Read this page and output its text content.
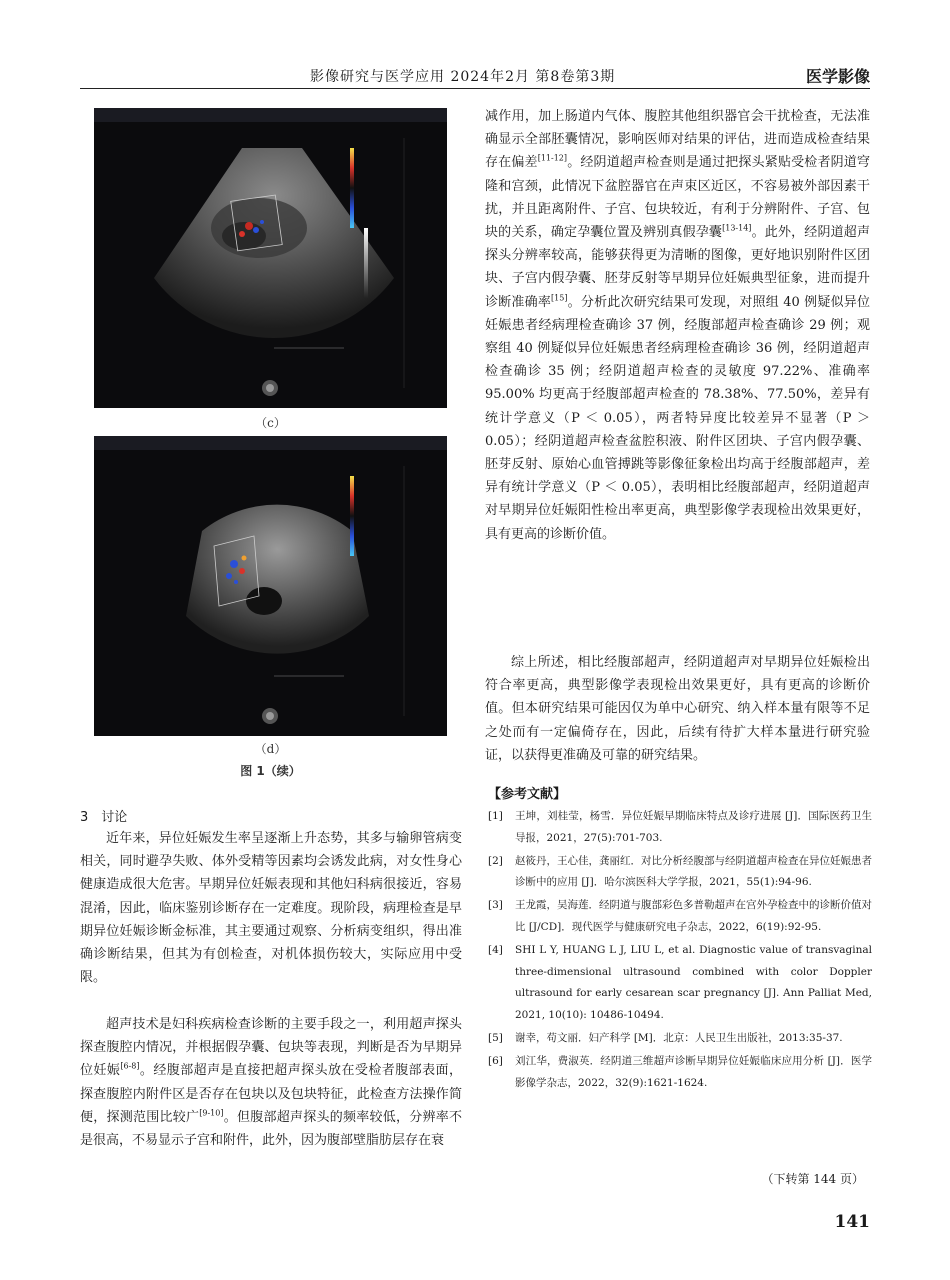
影像研究与医学应用 2024年2月 第8卷第3期	医学影像
（c）
（d）
图 1（续）
3　讨论
近年来，异位妊娠发生率呈逐渐上升态势，其多与输卵管病变相关，同时避孕失败、体外受精等因素均会诱发此病，对女性身心健康造成很大危害。早期异位妊娠表现和其他妇科病很接近，容易混淆，因此，临床鉴别诊断存在一定难度。现阶段，病理检查是早期异位妊娠诊断金标准，其主要通过观察、分析病变组织，得出准确诊断结果，但其为有创检查，对机体损伤较大，实际应用中受限。
超声技术是妇科疾病检查诊断的主要手段之一，利用超声探头探查腹腔内情况，并根据假孕囊、包块等表现，判断是否为早期异位妊娠[6-8]。经腹部超声是直接把超声探头放在受检者腹部表面，探查腹腔内附件区是否存在包块以及包块特征，此检查方法操作简便，探测范围比较广[9-10]。但腹部超声探头的频率较低，分辨率不是很高，不易显示子宫和附件，此外，因为腹部壁脂肪层存在衰
减作用，加上肠道内气体、腹腔其他组织器官会干扰检查，无法准确显示全部胚囊情况，影响医师对结果的评估，进而造成检查结果存在偏差[11-12]。经阴道超声检查则是通过把探头紧贴受检者阴道穹隆和宫颈，此情况下盆腔器官在声束区近区，不容易被外部因素干扰，并且距离附件、子宫、包块较近，有利于分辨附件、子宫、包块的关系，确定孕囊位置及辨别真假孕囊[13-14]。此外，经阴道超声探头分辨率较高，能够获得更为清晰的图像，更好地识别附件区团块、子宫内假孕囊、胚芽反射等早期异位妊娠典型征象，进而提升诊断准确率[15]。分析此次研究结果可发现，对照组 40 例疑似异位妊娠患者经病理检查确诊 37 例，经腹部超声检查确诊 29 例；观察组 40 例疑似异位妊娠患者经病理检查确诊 36 例，经阴道超声检查确诊 35 例；经阴道超声检查的灵敏度 97.22%、准确率 95.00% 均更高于经腹部超声检查的 78.38%、77.50%，差异有统计学意义（P ＜ 0.05），两者特异度比较差异不显著（P ＞ 0.05）；经阴道超声检查盆腔积液、附件区团块、子宫内假孕囊、胚芽反射、原始心血管搏跳等影像征象检出均高于经腹部超声，差异有统计学意义（P ＜ 0.05），表明相比经腹部超声，经阴道超声对早期异位妊娠阳性检出率更高，典型影像学表现检出效果更好，具有更高的诊断价值。
综上所述，相比经腹部超声，经阴道超声对早期异位妊娠检出符合率更高，典型影像学表现检出效果更好，具有更高的诊断价值。但本研究结果可能因仅为单中心研究、纳入样本量有限等不足之处而有一定偏倚存在，因此，后续有待扩大样本量进行研究验证，以获得更准确及可靠的研究结果。
【参考文献】
[1] 王坤，刘桂莹，杨雪．异位妊娠早期临床特点及诊疗进展 [J]．国际医药卫生导报，2021，27(5):701-703.
[2] 赵筱丹，王心佳，龚丽红．对比分析经腹部与经阴道超声检查在异位妊娠患者诊断中的应用 [J]．哈尔滨医科大学学报，2021，55(1):94-96.
[3] 王龙霞，吴海莲．经阴道与腹部彩色多普勒超声在宫外孕检查中的诊断价值对比 [J/CD]．现代医学与健康研究电子杂志，2022，6(19):92-95.
[4] SHI L Y, HUANG L J, LIU L, et al. Diagnostic value of transvaginal three-dimensional ultrasound combined with color Doppler ultrasound for early cesarean scar pregnancy [J]. Ann Palliat Med, 2021, 10(10): 10486-10494.
[5] 谢幸，苟文丽．妇产科学 [M]．北京：人民卫生出版社，2013:35-37.
[6] 刘江华，费淑英．经阴道三维超声诊断早期异位妊娠临床应用分析 [J]．医学影像学杂志，2022，32(9):1621-1624.
（下转第 144 页）
141
